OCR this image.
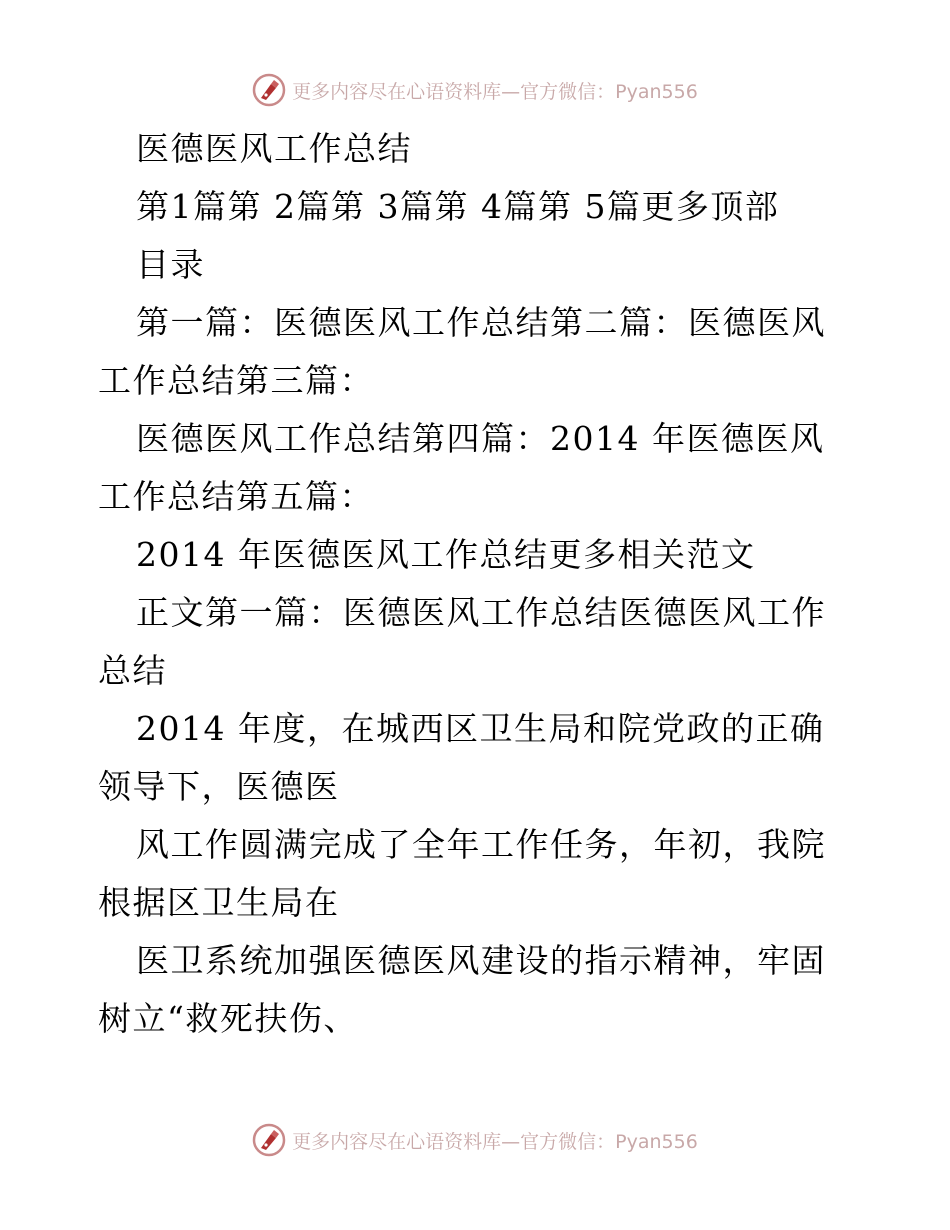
更多内容尽在心语资料库—官方微信：Pyan556

医德医风工作总结

第1篇第 2篇第 3篇第 4篇第 5篇更多顶部

目录

第一篇：医德医风工作总结第二篇：医德医风工作总结第三篇：

医德医风工作总结第四篇：2014 年医德医风工作总结第五篇：

2014 年医德医风工作总结更多相关范文

正文第一篇：医德医风工作总结医德医风工作总结

2014 年度，在城西区卫生局和院党政的正确领导下，医德医

风工作圆满完成了全年工作任务，年初，我院根据区卫生局在

医卫系统加强医德医风建设的指示精神，牢固树立“救死扶伤、

更多内容尽在心语资料库—官方微信：Pyan556
